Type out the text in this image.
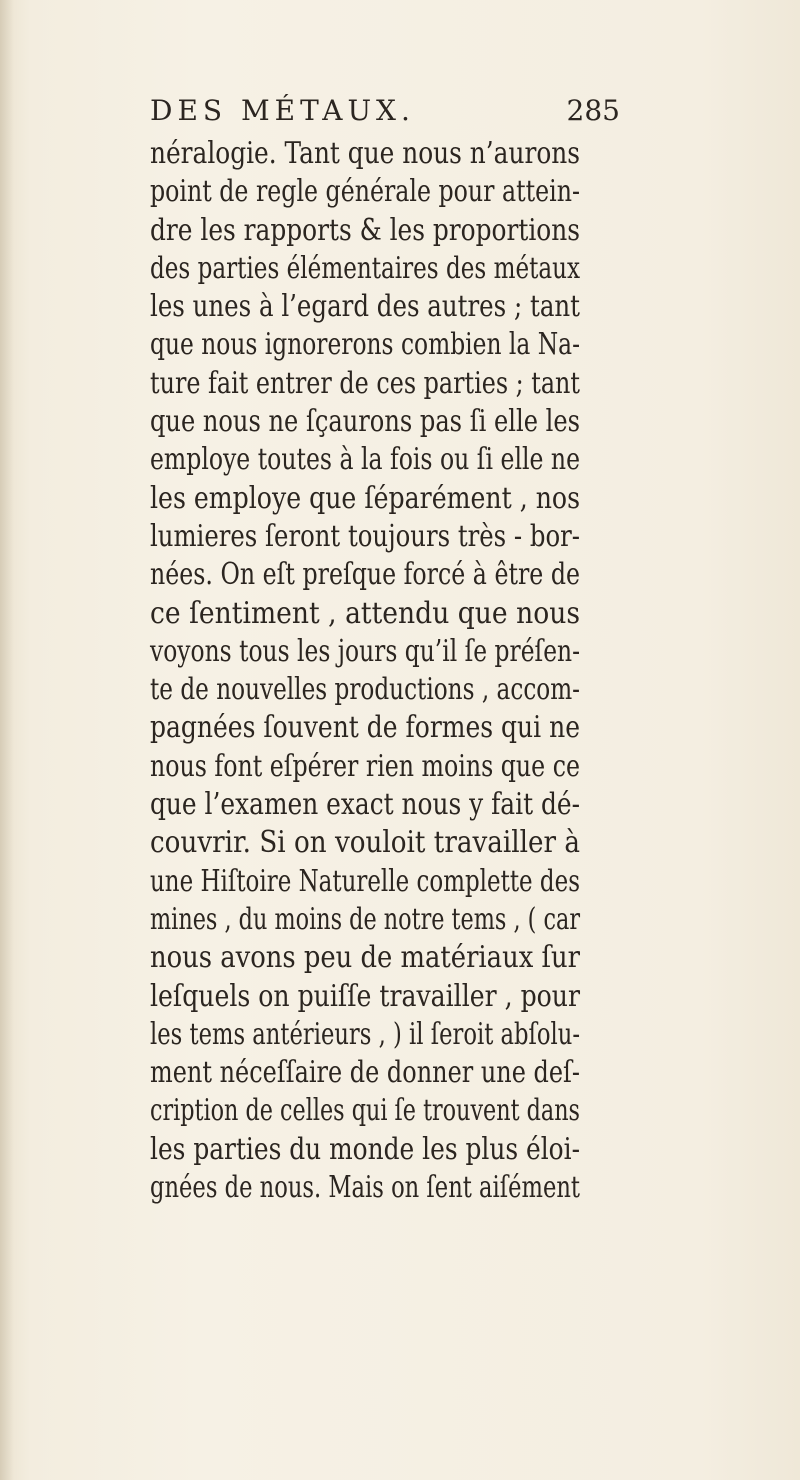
DES MÉTAUX.	285
néralogie. Tant que nous n’aurons
point de regle générale pour attein-
dre les rapports & les proportions
des parties élémentaires des métaux
les unes à l’egard des autres ; tant
que nous ignorerons combien la Na-
ture fait entrer de ces parties ; tant
que nous ne ſçaurons pas ſi elle les
employe toutes à la fois ou ſi elle ne
les employe que ſéparément , nos
lumieres ſeront toujours très - bor-
nées. On eſt preſque forcé à être de
ce ſentiment , attendu que nous
voyons tous les jours qu’il ſe préſen-
te de nouvelles productions , accom-
pagnées ſouvent de formes qui ne
nous font eſpérer rien moins que ce
que l’examen exact nous y fait dé-
couvrir. Si on vouloit travailler à
une Hiſtoire Naturelle complette des
mines , du moins de notre tems , ( car
nous avons peu de matériaux ſur
leſquels on puiſſe travailler , pour
les tems antérieurs , ) il ſeroit abſolu-
ment néceſſaire de donner une deſ-
cription de celles qui ſe trouvent dans
les parties du monde les plus éloi-
gnées de nous. Mais on ſent aiſément
